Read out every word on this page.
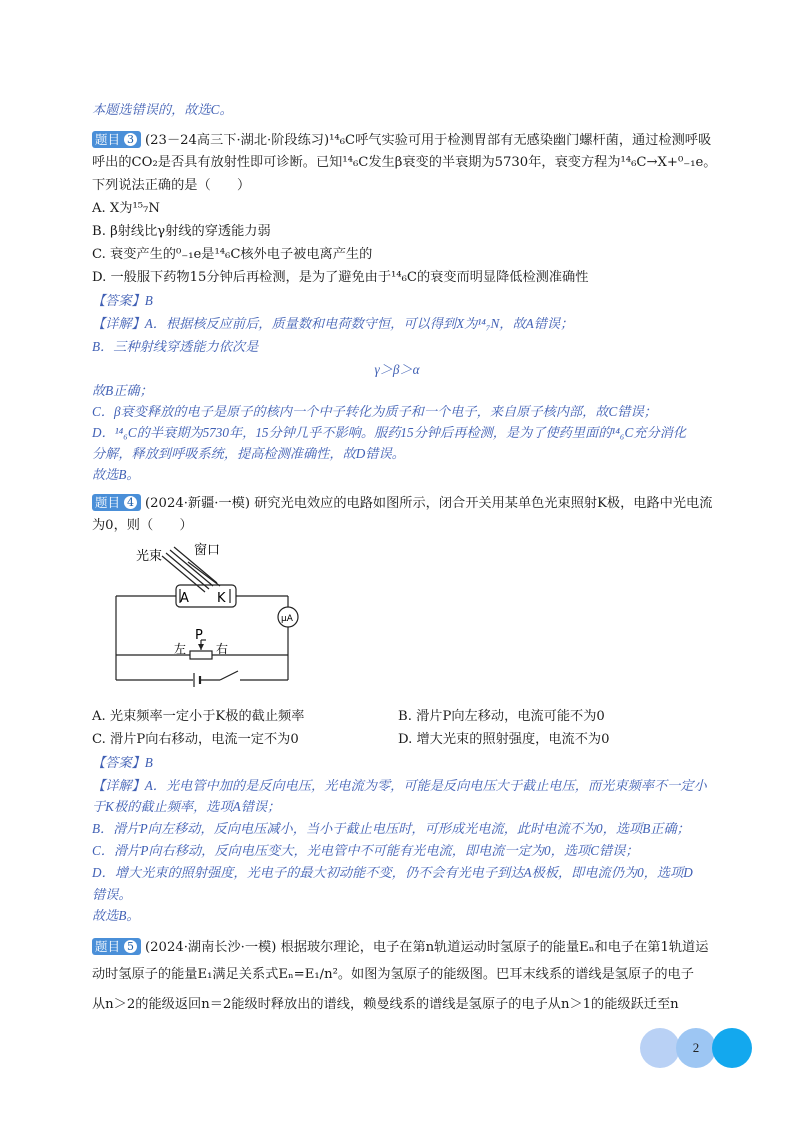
本题选错误的，故选C。
题目 3 (23－24高三下·湖北·阶段练习)¹⁴₆C呼气实验可用于检测胃部有无感染幽门螺杆菌，通过检测呼吸
呼出的CO₂是否具有放射性即可诊断。已知¹⁴₆C发生β衰变的半衰期为5730年，衰变方程为¹⁴₆C→X+⁰₋₁e。
下列说法正确的是（　　）
A. X为¹⁵₇N
B. β射线比γ射线的穿透能力弱
C. 衰变产生的⁰₋₁e是¹⁴₆C核外电子被电离产生的
D. 一般服下药物15分钟后再检测，是为了避免由于¹⁴₆C的衰变而明显降低检测准确性
【答案】B
【详解】A．根据核反应前后，质量数和电荷数守恒，可以得到X为¹⁴₇N，故A错误；
B．三种射线穿透能力依次是
γ＞β＞α
故B正确；
C．β衰变释放的电子是原子的核内一个中子转化为质子和一个电子，来自原子核内部，故C错误；
D．¹⁴₆C的半衰期为5730年，15分钟几乎不影响。服药15分钟后再检测，是为了使药里面的¹⁴₆C充分消化
分解，释放到呼吸系统，提高检测准确性，故D错误。
故选B。
题目 4 (2024·新疆·一模) 研究光电效应的电路如图所示，闭合开关用某单色光束照射K极，电路中光电流
为0，则（　　）
光束 窗口
A K
μA
P
左 右
A. 光束频率一定小于K极的截止频率	B. 滑片P向左移动，电流可能不为0
C. 滑片P向右移动，电流一定不为0	D. 增大光束的照射强度，电流不为0
【答案】B
【详解】A．光电管中加的是反向电压，光电流为零，可能是反向电压大于截止电压，而光束频率不一定小
于K极的截止频率，选项A错误；
B．滑片P向左移动，反向电压减小，当小于截止电压时，可形成光电流，此时电流不为0，选项B正确；
C．滑片P向右移动，反向电压变大，光电管中不可能有光电流，即电流一定为0，选项C错误；
D．增大光束的照射强度，光电子的最大初动能不变，仍不会有光电子到达A极板，即电流仍为0，选项D
错误。
故选B。
题目 5 (2024·湖南长沙·一模) 根据玻尔理论，电子在第n轨道运动时氢原子的能量Eₙ和电子在第1轨道运
动时氢原子的能量E₁满足关系式Eₙ=E₁/n²。如图为氢原子的能级图。巴耳末线系的谱线是氢原子的电子
从n＞2的能级返回n＝2能级时释放出的谱线，赖曼线系的谱线是氢原子的电子从n＞1的能级跃迁至n
2
